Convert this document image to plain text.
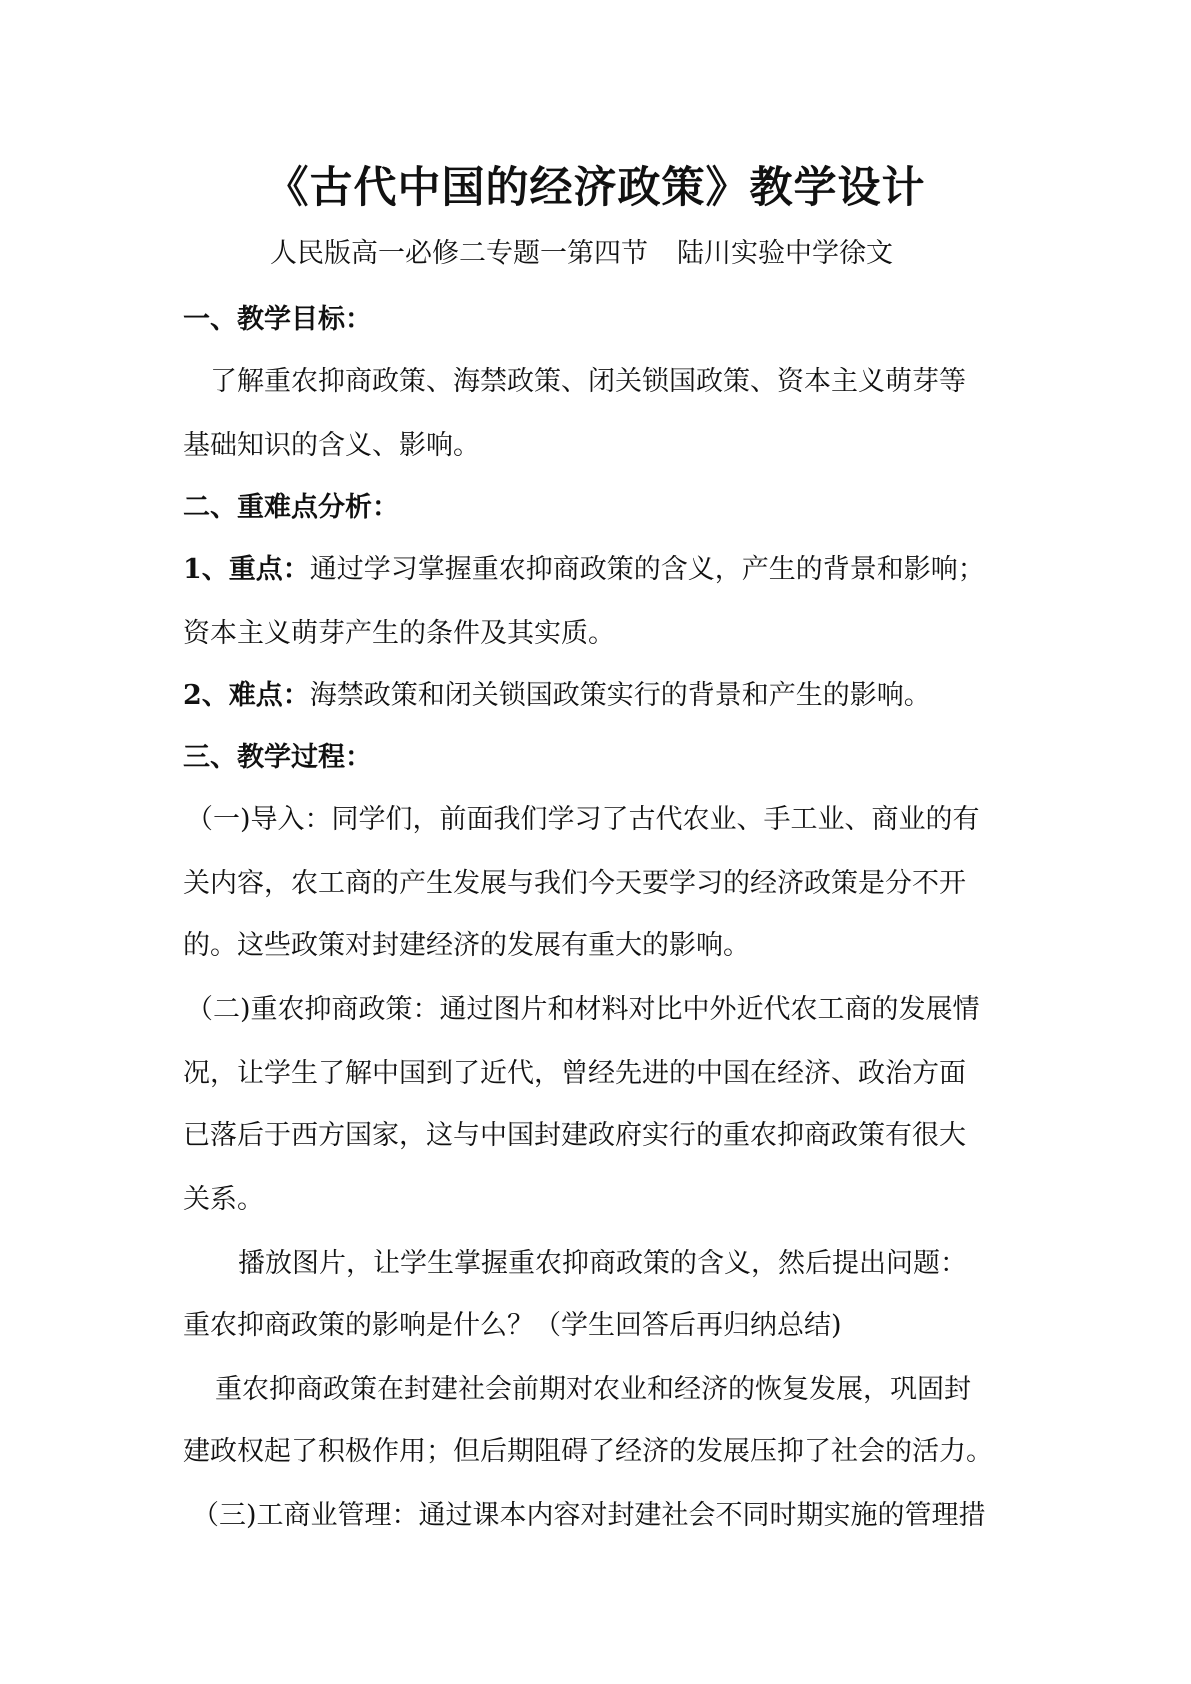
《古代中国的经济政策》教学设计
人民版高一必修二专题一第四节 陆川实验中学徐文
一、教学目标：
了解重农抑商政策、海禁政策、闭关锁国政策、资本主义萌芽等
基础知识的含义、影响。
二、重难点分析：
1、重点：通过学习掌握重农抑商政策的含义，产生的背景和影响；
资本主义萌芽产生的条件及其实质。
2、难点：海禁政策和闭关锁国政策实行的背景和产生的影响。
三、教学过程：
（一)导入：同学们，前面我们学习了古代农业、手工业、商业的有
关内容，农工商的产生发展与我们今天要学习的经济政策是分不开
的。这些政策对封建经济的发展有重大的影响。
（二)重农抑商政策：通过图片和材料对比中外近代农工商的发展情
况，让学生了解中国到了近代，曾经先进的中国在经济、政治方面
已落后于西方国家，这与中国封建政府实行的重农抑商政策有很大
关系。
播放图片，让学生掌握重农抑商政策的含义，然后提出问题：
重农抑商政策的影响是什么？（学生回答后再归纳总结)
重农抑商政策在封建社会前期对农业和经济的恢复发展，巩固封
建政权起了积极作用；但后期阻碍了经济的发展压抑了社会的活力。
（三)工商业管理：通过课本内容对封建社会不同时期实施的管理措
